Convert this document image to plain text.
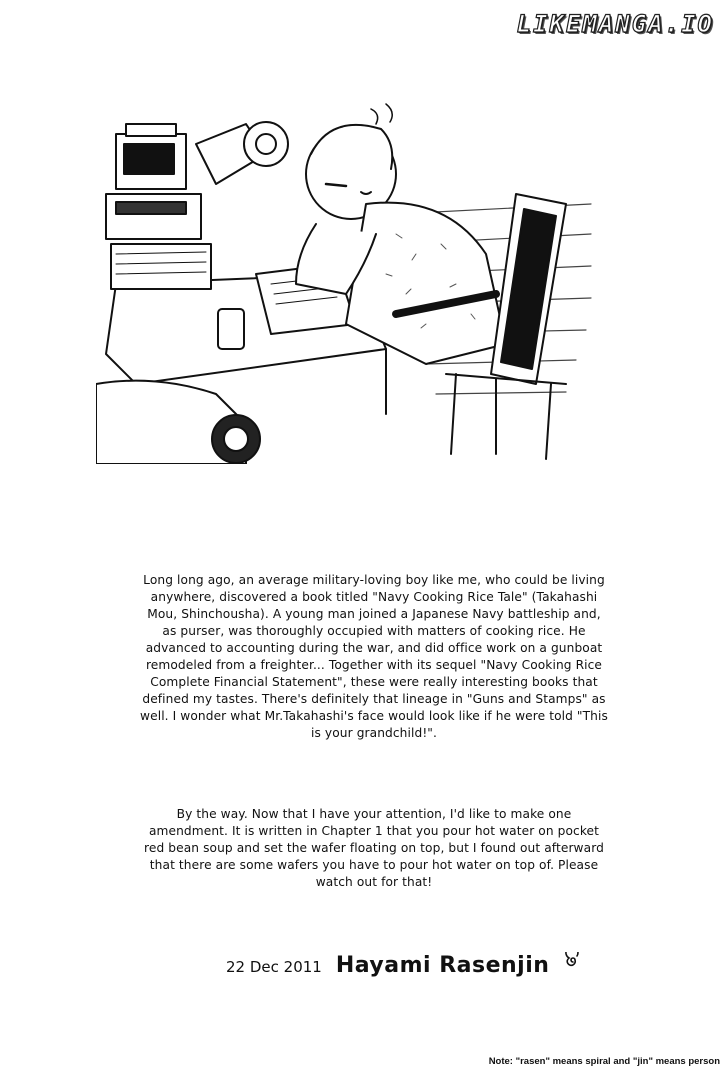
LIKEMANGA.IO
Long long ago, an average military-loving boy like me, who could be living anywhere, discovered a book titled "Navy Cooking Rice Tale" (Takahashi Mou, Shinchousha). A young man joined a Japanese Navy battleship and, as purser, was thoroughly occupied with matters of cooking rice. He advanced to accounting during the war, and did office work on a gunboat remodeled from a freighter... Together with its sequel "Navy Cooking Rice Complete Financial Statement", these were really interesting books that defined my tastes. There's definitely that lineage in "Guns and Stamps" as well. I wonder what Mr.Takahashi's face would look like if he were told "This is your grandchild!".
By the way. Now that I have your attention, I'd like to make one amendment. It is written in Chapter 1 that you pour hot water on pocket red bean soup and set the wafer floating on top, but I found out afterward that there are some wafers you have to pour hot water on top of. Please watch out for that!
22 Dec 2011 Hayami Rasenjin
Note: "rasen" means spiral and "jin" means person
